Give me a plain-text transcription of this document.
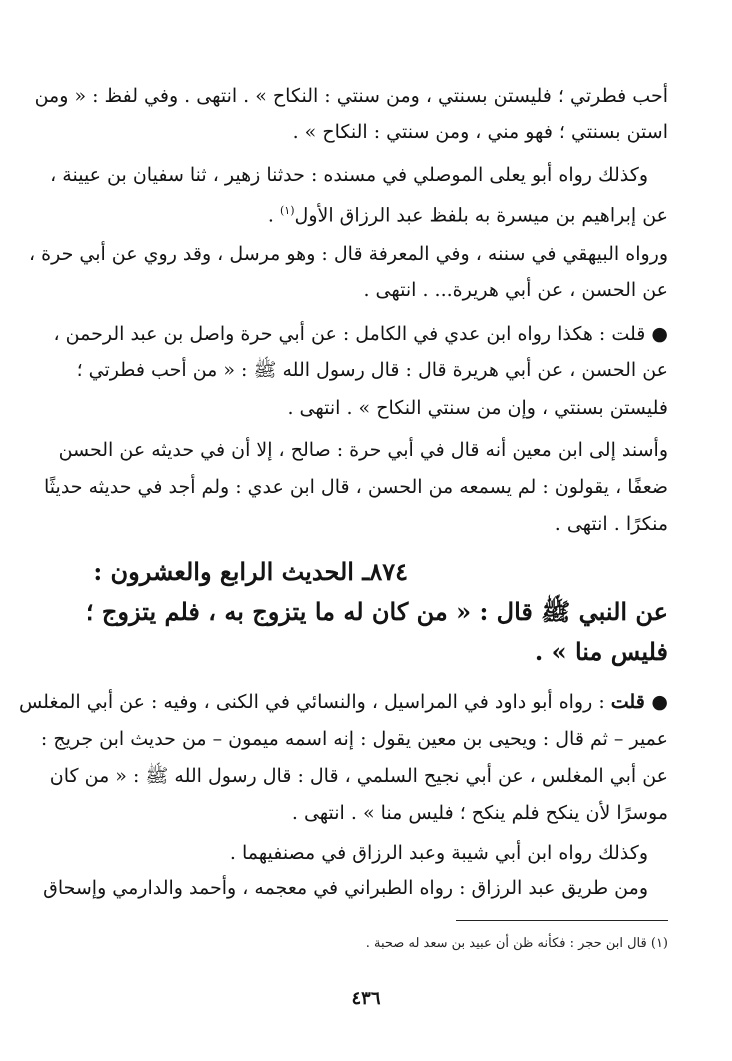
أحب فطرتي ؛ فليستن بسنتي ، ومن سنتي : النكاح » . انتهى . وفي لفظ : « ومن
استن بسنتي ؛ فهو مني ، ومن سنتي : النكاح » .
وكذلك رواه أبو يعلى الموصلي في مسنده : حدثنا زهير ، ثنا سفيان بن عيينة ،
عن إبراهيم بن ميسرة به بلفظ عبد الرزاق الأول$^{(١)}$ .
ورواه البيهقي في سننه ، وفي المعرفة قال : وهو مرسل ، وقد روي عن أبي حرة ،
عن الحسن ، عن أبي هريرة... . انتهى .
● قلت : هكذا رواه ابن عدي في الكامل : عن أبي حرة واصل بن عبد الرحمن ،
عن الحسن ، عن أبي هريرة قال : قال رسول الله ﷺ : « من أحب فطرتي ؛
فليستن بسنتي ، وإن من سنتي النكاح » . انتهى .
وأسند إلى ابن معين أنه قال في أبي حرة : صالح ، إلا أن في حديثه عن الحسن
ضعفًا ، يقولون : لم يسمعه من الحسن ، قال ابن عدي : ولم أجد في حديثه حديثًا
منكرًا . انتهى .
٨٧٤ـ الحديث الرابع والعشرون :
عن النبي ﷺ قال : « من كان له ما يتزوج به ، فلم يتزوج ؛
فليس منا » .
● قلت : رواه أبو داود في المراسيل ، والنسائي في الكنى ، وفيه : عن أبي المغلس
عمير – ثم قال : ويحيى بن معين يقول : إنه اسمه ميمون – من حديث ابن جريج :
عن أبي المغلس ، عن أبي نجيح السلمي ، قال : قال رسول الله ﷺ : « من كان
موسرًا لأن ينكح فلم ينكح ؛ فليس منا » . انتهى .
وكذلك رواه ابن أبي شيبة وعبد الرزاق في مصنفيهما .
ومن طريق عبد الرزاق : رواه الطبراني في معجمه ، وأحمد والدارمي وإسحاق
(١) قال ابن حجر : فكأنه ظن أن عبيد بن سعد له صحبة .
٤٣٦
